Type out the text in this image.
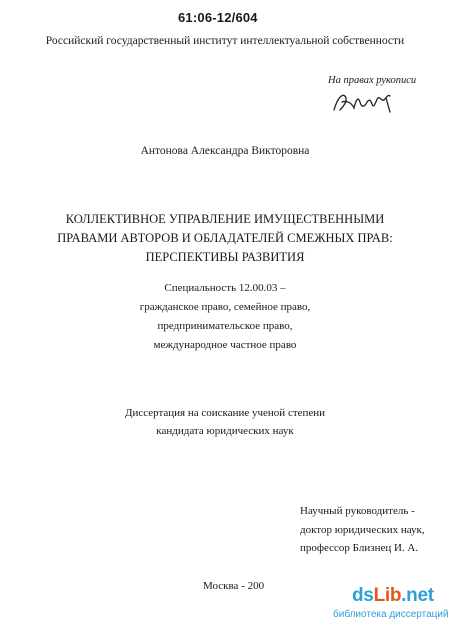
61:06-12/604
Российский государственный институт интеллектуальной собственности
На правах рукописи
Антонова Александра Викторовна
КОЛЛЕКТИВНОЕ УПРАВЛЕНИЕ ИМУЩЕСТВЕННЫМИ
ПРАВАМИ АВТОРОВ И ОБЛАДАТЕЛЕЙ СМЕЖНЫХ ПРАВ:
ПЕРСПЕКТИВЫ РАЗВИТИЯ
Специальность 12.00.03 –
гражданское право, семейное право,
предпринимательское право,
международное частное право
Диссертация на соискание ученой степени
кандидата юридических наук
Научный руководитель -
доктор юридических наук,
профессор Близнец И. А.
Москва - 200	dsLib.net
библиотека диссертаций
